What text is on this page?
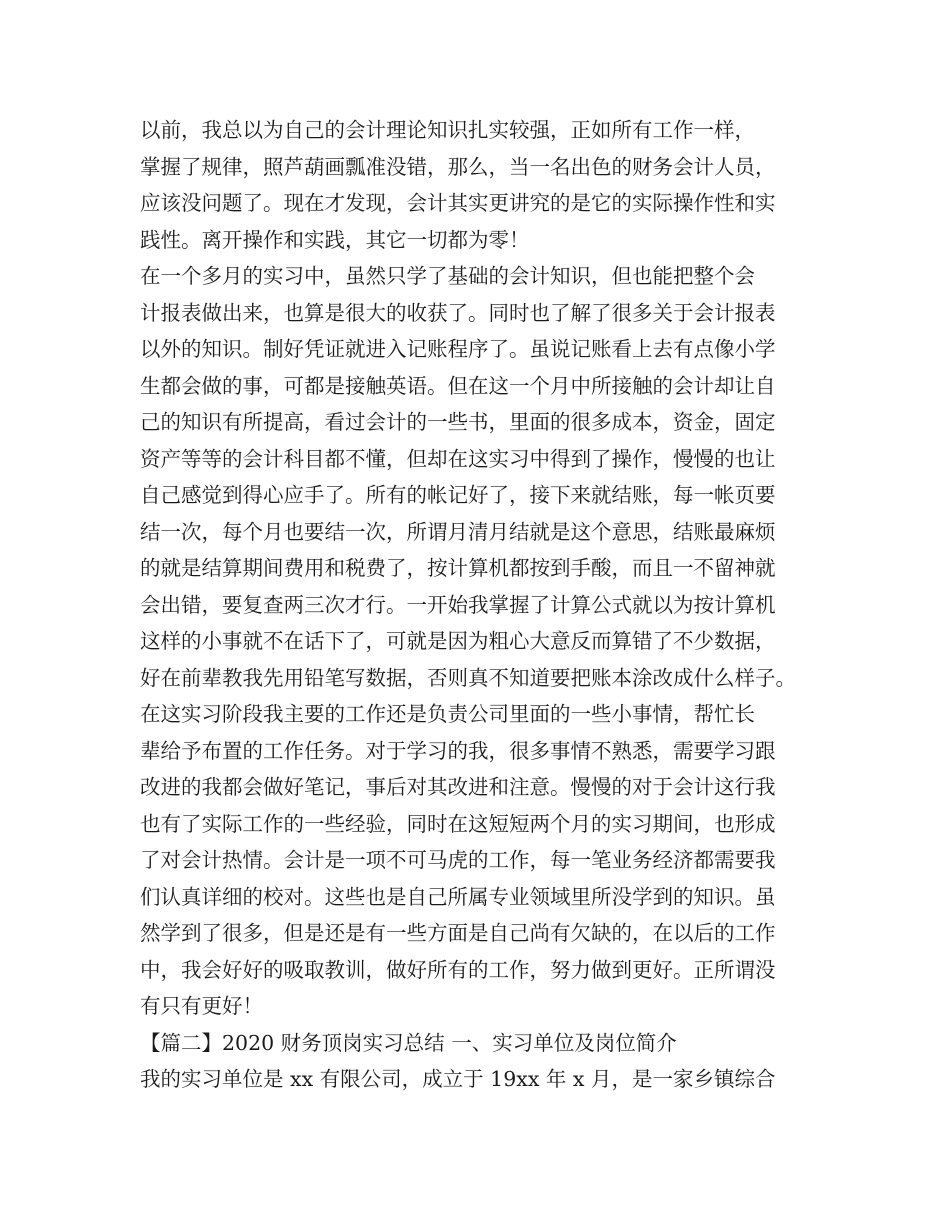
以前，我总以为自己的会计理论知识扎实较强，正如所有工作一样，
掌握了规律，照芦葫画瓢准没错，那么，当一名出色的财务会计人员，
应该没问题了。现在才发现，会计其实更讲究的是它的实际操作性和实
践性。离开操作和实践，其它一切都为零！
在一个多月的实习中，虽然只学了基础的会计知识，但也能把整个会
计报表做出来，也算是很大的收获了。同时也了解了很多关于会计报表
以外的知识。制好凭证就进入记账程序了。虽说记账看上去有点像小学
生都会做的事，可都是接触英语。但在这一个月中所接触的会计却让自
己的知识有所提高，看过会计的一些书，里面的很多成本，资金，固定
资产等等的会计科目都不懂，但却在这实习中得到了操作，慢慢的也让
自己感觉到得心应手了。所有的帐记好了，接下来就结账，每一帐页要
结一次，每个月也要结一次，所谓月清月结就是这个意思，结账最麻烦
的就是结算期间费用和税费了，按计算机都按到手酸，而且一不留神就
会出错，要复查两三次才行。一开始我掌握了计算公式就以为按计算机
这样的小事就不在话下了，可就是因为粗心大意反而算错了不少数据，
好在前辈教我先用铅笔写数据，否则真不知道要把账本涂改成什么样子。
在这实习阶段我主要的工作还是负责公司里面的一些小事情，帮忙长
辈给予布置的工作任务。对于学习的我，很多事情不熟悉，需要学习跟
改进的我都会做好笔记，事后对其改进和注意。慢慢的对于会计这行我
也有了实际工作的一些经验，同时在这短短两个月的实习期间，也形成
了对会计热情。会计是一项不可马虎的工作，每一笔业务经济都需要我
们认真详细的校对。这些也是自己所属专业领域里所没学到的知识。虽
然学到了很多，但是还是有一些方面是自己尚有欠缺的，在以后的工作
中，我会好好的吸取教训，做好所有的工作，努力做到更好。正所谓没
有只有更好！
【篇二】2020 财务顶岗实习总结 一、实习单位及岗位简介
我的实习单位是 xx 有限公司，成立于 19xx 年 x 月，是一家乡镇综合
